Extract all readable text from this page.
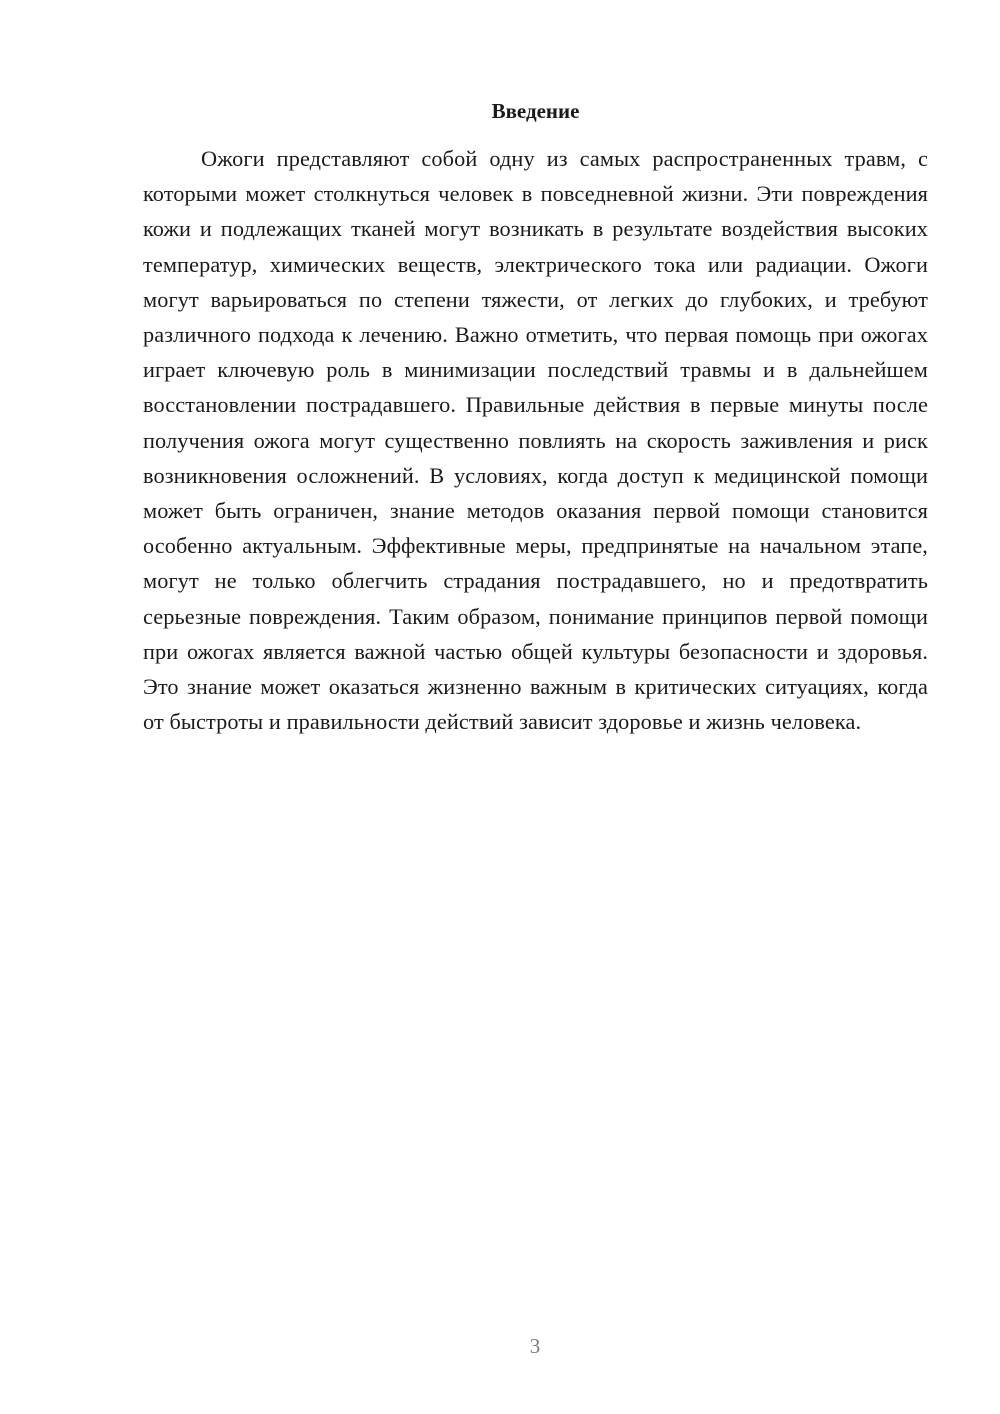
Введение

Ожоги представляют собой одну из самых распространенных травм, с которыми может столкнуться человек в повседневной жизни. Эти повреждения кожи и подлежащих тканей могут возникать в результате воздействия высоких температур, химических веществ, электрического тока или радиации. Ожоги могут варьироваться по степени тяжести, от легких до глубоких, и требуют различного подхода к лечению. Важно отметить, что первая помощь при ожогах играет ключевую роль в минимизации последствий травмы и в дальнейшем восстановлении пострадавшего. Правильные действия в первые минуты после получения ожога могут существенно повлиять на скорость заживления и риск возникновения осложнений. В условиях, когда доступ к медицинской помощи может быть ограничен, знание методов оказания первой помощи становится особенно актуальным. Эффективные меры, предпринятые на начальном этапе, могут не только облегчить страдания пострадавшего, но и предотвратить серьезные повреждения. Таким образом, понимание принципов первой помощи при ожогах является важной частью общей культуры безопасности и здоровья. Это знание может оказаться жизненно важным в критических ситуациях, когда от быстроты и правильности действий зависит здоровье и жизнь человека.

3
